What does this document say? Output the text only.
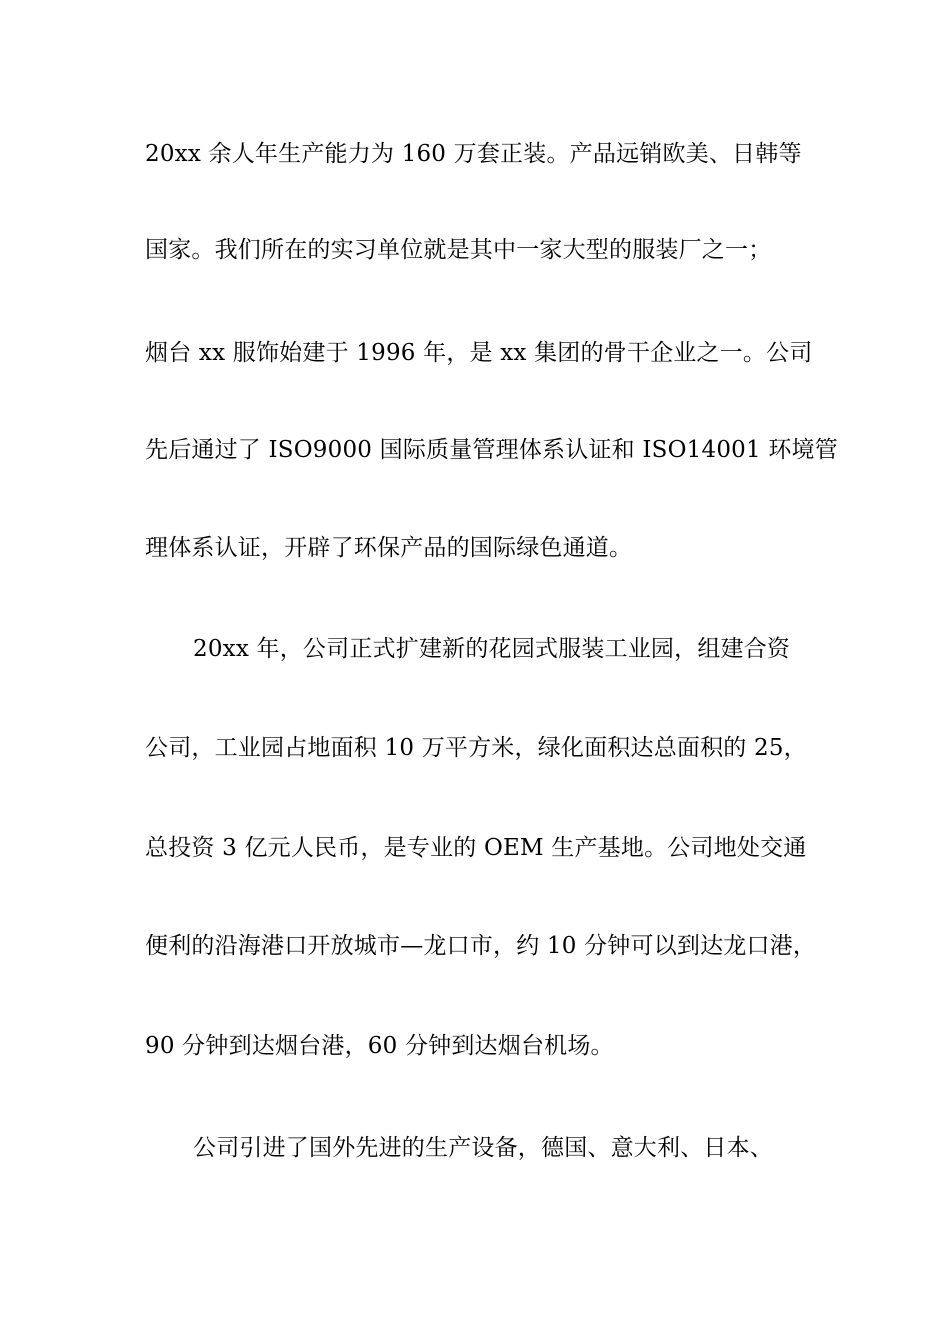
20xx 余人年生产能力为 160 万套正装。产品远销欧美、日韩等
国家。我们所在的实习单位就是其中一家大型的服装厂之一；
烟台 xx 服饰始建于 1996 年，是 xx 集团的骨干企业之一。公司
先后通过了 ISO9000 国际质量管理体系认证和 ISO14001 环境管
理体系认证，开辟了环保产品的国际绿色通道。
20xx 年，公司正式扩建新的花园式服装工业园，组建合资
公司，工业园占地面积 10 万平方米，绿化面积达总面积的 25，
总投资 3 亿元人民币，是专业的 OEM 生产基地。公司地处交通
便利的沿海港口开放城市—龙口市，约 10 分钟可以到达龙口港，
90 分钟到达烟台港，60 分钟到达烟台机场。
公司引进了国外先进的生产设备，德国、意大利、日本、
